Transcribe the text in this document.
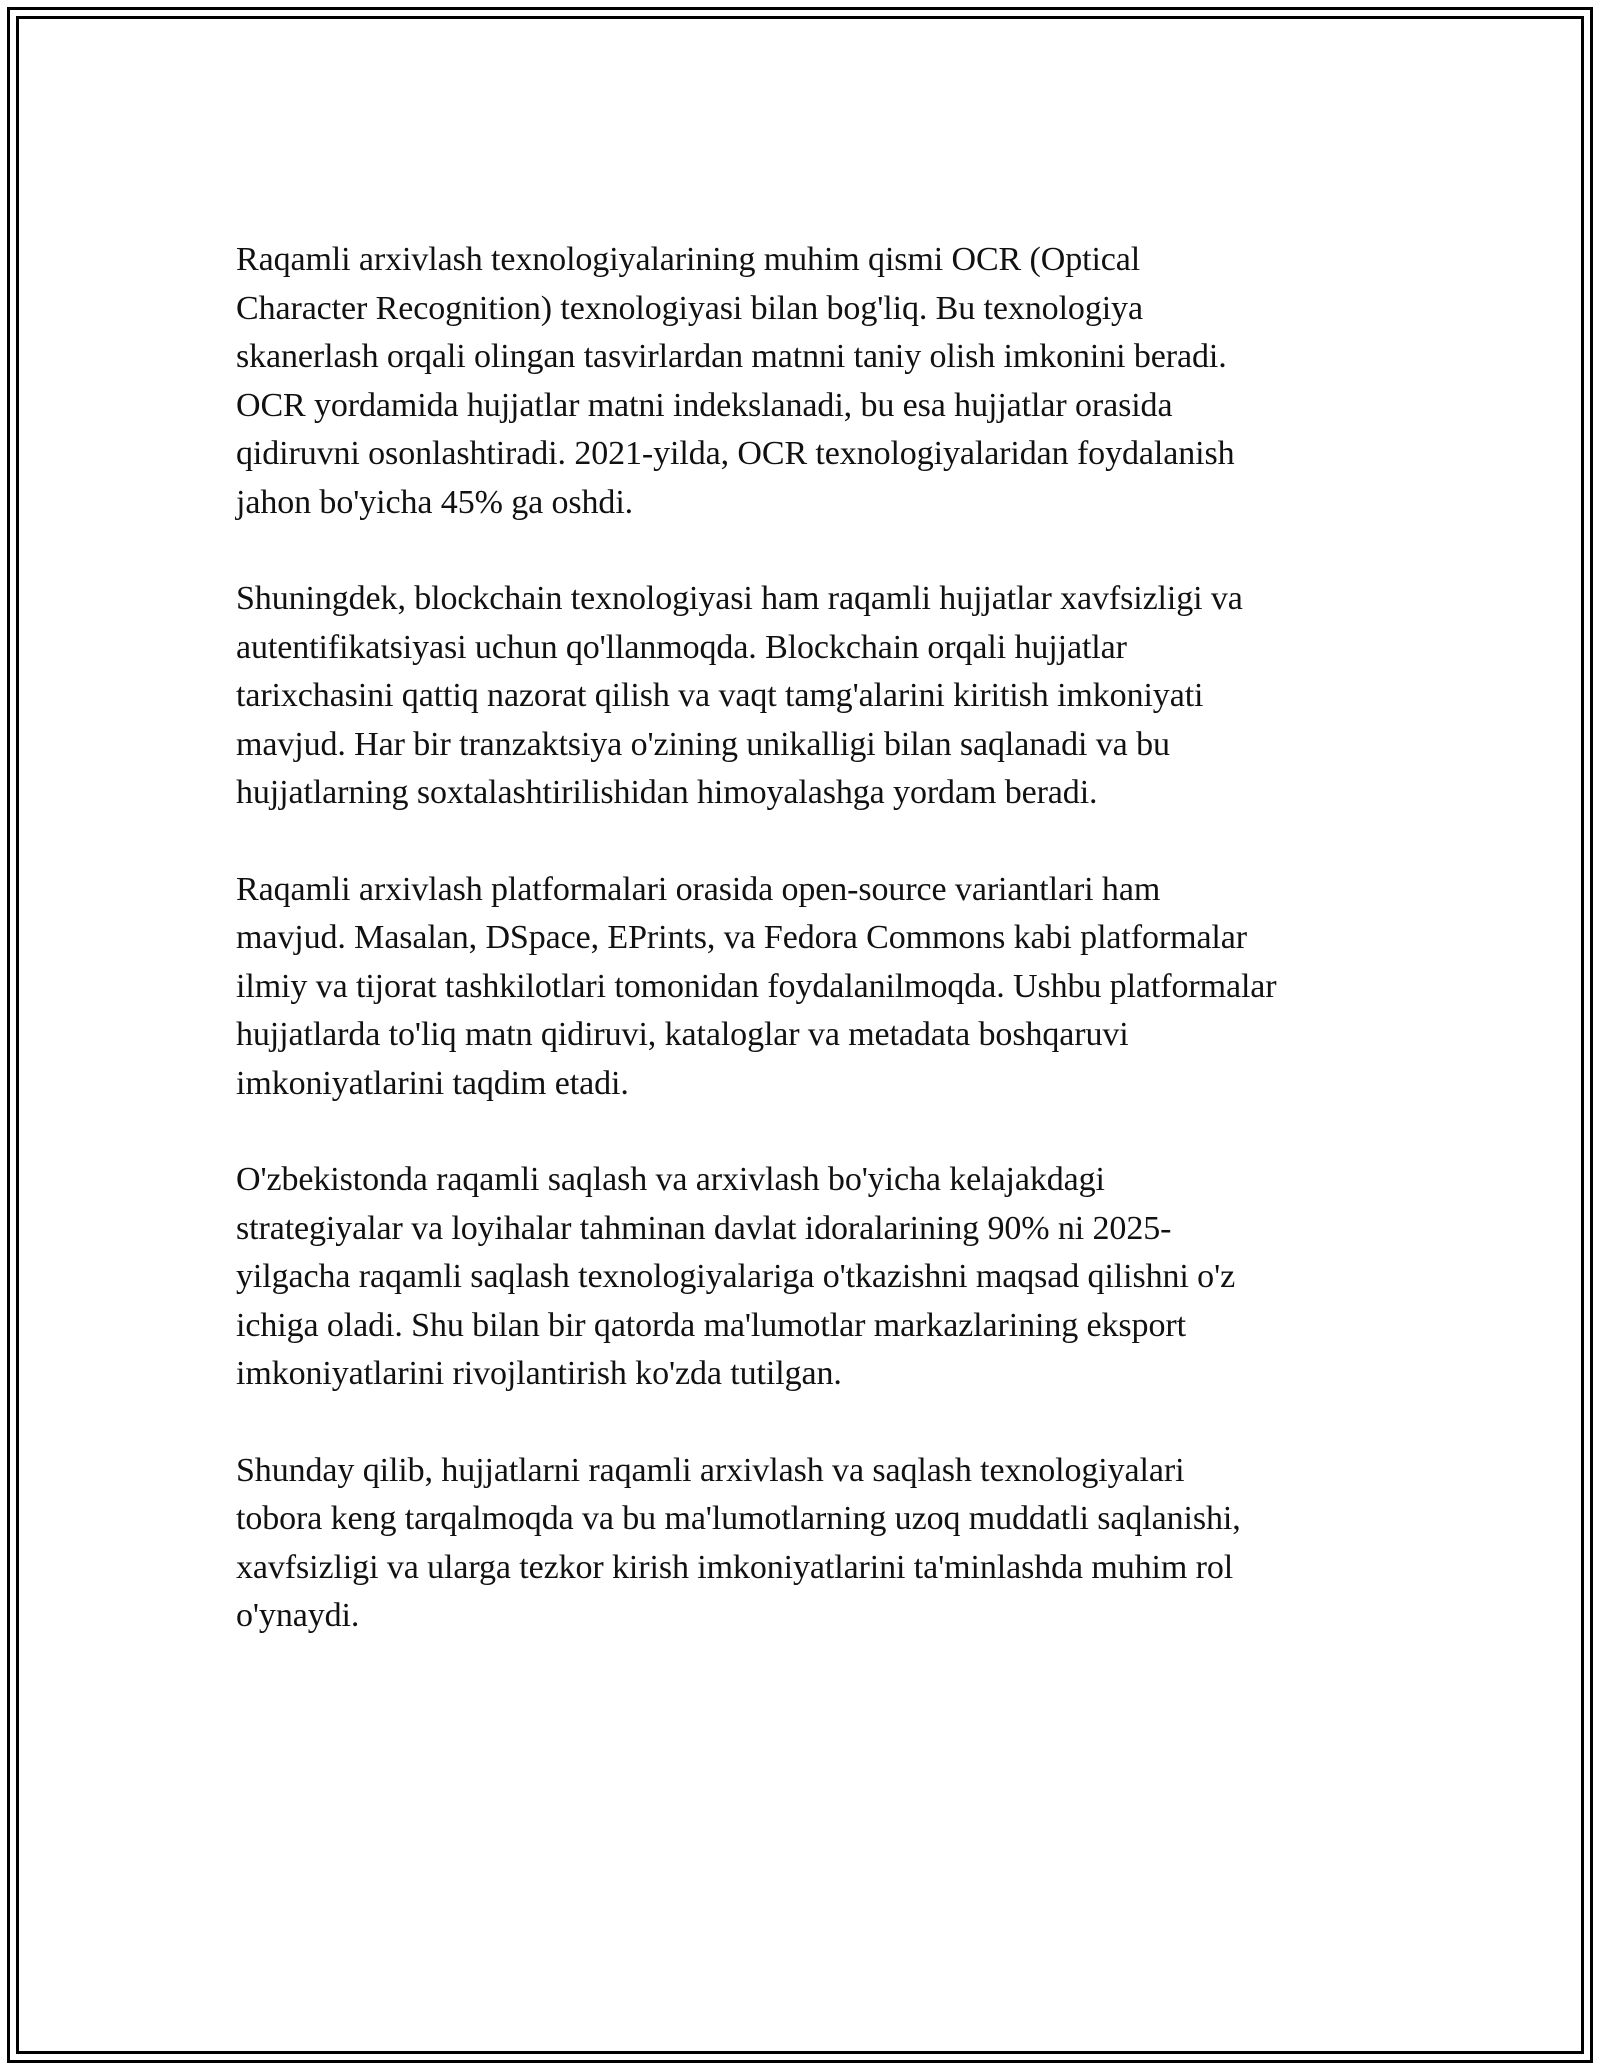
Raqamli arxivlash texnologiyalarining muhim qismi OCR (Optical
Character Recognition) texnologiyasi bilan bog'liq. Bu texnologiya
skanerlash orqali olingan tasvirlardan matnni taniy olish imkonini beradi.
OCR yordamida hujjatlar matni indekslanadi, bu esa hujjatlar orasida
qidiruvni osonlashtiradi. 2021-yilda, OCR texnologiyalaridan foydalanish
jahon bo'yicha 45% ga oshdi.

Shuningdek, blockchain texnologiyasi ham raqamli hujjatlar xavfsizligi va
autentifikatsiyasi uchun qo'llanmoqda. Blockchain orqali hujjatlar
tarixchasini qattiq nazorat qilish va vaqt tamg'alarini kiritish imkoniyati
mavjud. Har bir tranzaktsiya o'zining unikalligi bilan saqlanadi va bu
hujjatlarning soxtalashtirilishidan himoyalashga yordam beradi.

Raqamli arxivlash platformalari orasida open-source variantlari ham
mavjud. Masalan, DSpace, EPrints, va Fedora Commons kabi platformalar
ilmiy va tijorat tashkilotlari tomonidan foydalanilmoqda. Ushbu platformalar
hujjatlarda to'liq matn qidiruvi, kataloglar va metadata boshqaruvi
imkoniyatlarini taqdim etadi.

O'zbekistonda raqamli saqlash va arxivlash bo'yicha kelajakdagi
strategiyalar va loyihalar tahminan davlat idoralarining 90% ni 2025-
yilgacha raqamli saqlash texnologiyalariga o'tkazishni maqsad qilishni o'z
ichiga oladi. Shu bilan bir qatorda ma'lumotlar markazlarining eksport
imkoniyatlarini rivojlantirish ko'zda tutilgan.

Shunday qilib, hujjatlarni raqamli arxivlash va saqlash texnologiyalari
tobora keng tarqalmoqda va bu ma'lumotlarning uzoq muddatli saqlanishi,
xavfsizligi va ularga tezkor kirish imkoniyatlarini ta'minlashda muhim rol
o'ynaydi.
